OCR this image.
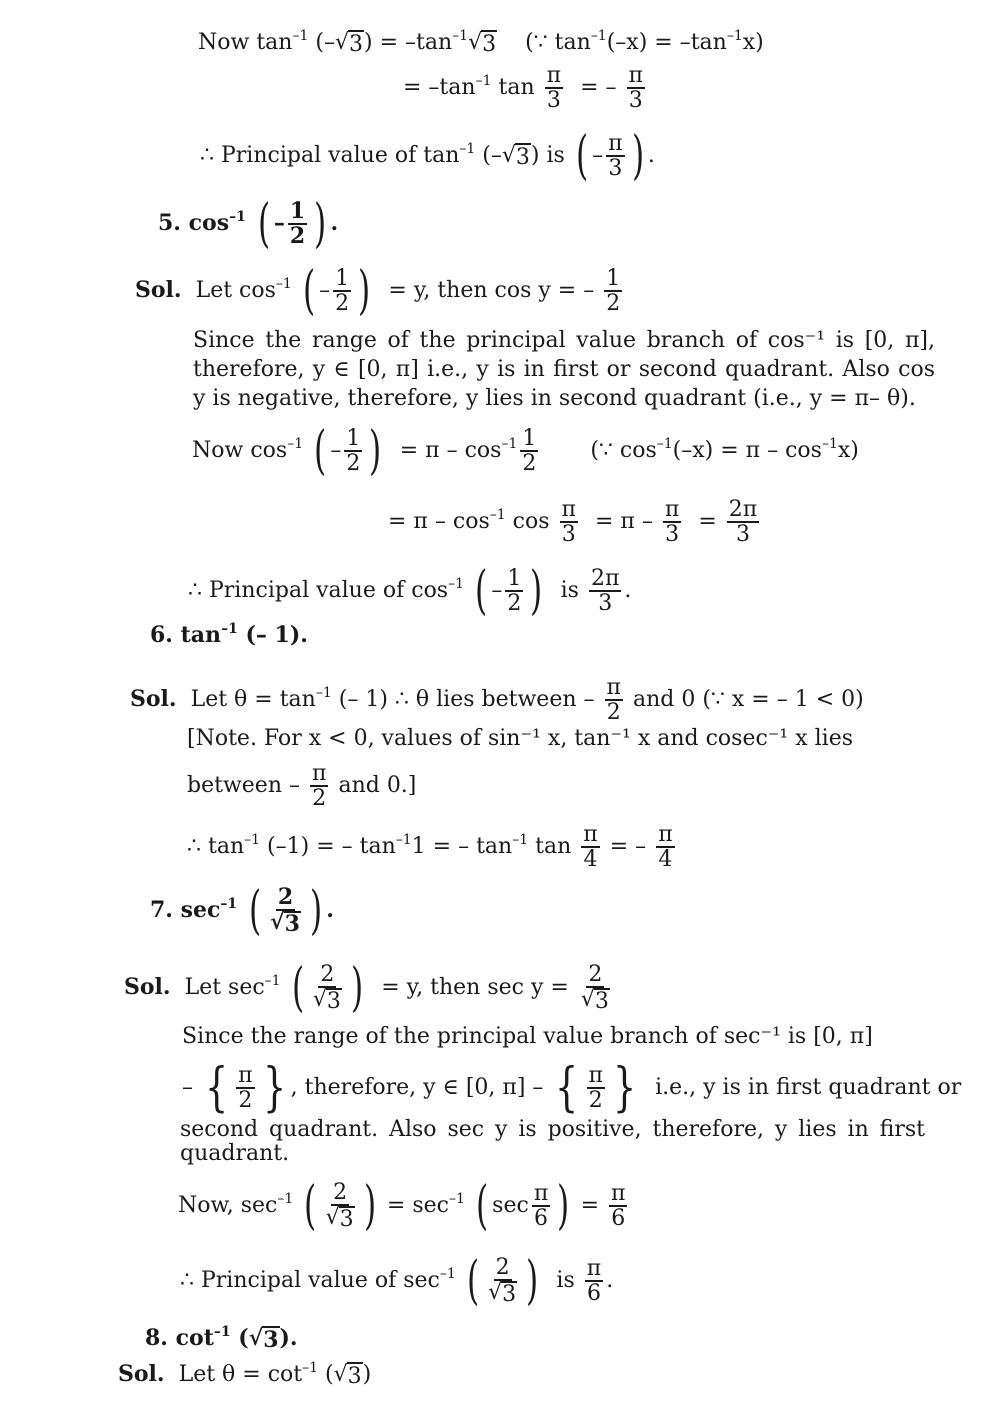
Now $\tan^{-1}$ (–√ 3 ) = $-\tan^{-1}√$ 3 (∵ $\tan^{-1}(-x) = -\tan^{-1}x$)
= $-\tan^{-1}$ $\tan \frac{\pi}{3}$ = – $\frac{\pi}{3}$
∴ Principal value of $\tan^{-1}$ (–√ 3 ) is ( – $\frac{\pi}{3}$ ) .
5. $\cos^{-1}$ ( – $\frac{1}{2}$ ) .
Sol. Let $\cos^{-1}$ ( – $\frac{1}{2}$ ) = y, then cos y = – $\frac{1}{2}$
Since the range of the principal value branch of cos⁻¹ is [0, π], therefore, y ∈ [0, π] i.e., y is in first or second quadrant. Also cos y is negative, therefore, y lies in second quadrant (i.e., y = π– θ).
Now $\cos^{-1}$ ( – $\frac{1}{2}$ ) = π – $\cos^{-1} \frac{1}{2}$ (∵ $\cos^{-1}(-x) = \pi - \cos^{-1}x$)
= $\pi - \cos^{-1} \cos \frac{\pi}{3} = \pi - \frac{\pi}{3} = \frac{2\pi}{3}$
∴ Principal value of $\cos^{-1}$ ( – $\frac{1}{2}$ ) is $\frac{2\pi}{3}$ .
6. $\tan^{-1}$ (– 1).
Sol. Let $\theta = \tan^{-1}$ (– 1) ∴ θ lies between – $\frac{\pi}{2}$ and 0 (∵ x = – 1 < 0)
[Note. For x < 0, values of sin⁻¹ x, tan⁻¹ x and cosec⁻¹ x lies
between – $\frac{\pi}{2}$ and 0.]
∴ $\tan^{-1} (-1)$ = – $\tan^{-1}1$ = – $\tan^{-1} \tan \frac{\pi}{4}$ = – $\frac{\pi}{4}$
7. $\sec^{-1}$ ( $\frac{2}{√ 3}$ ) .
Sol. Let $\sec^{-1}$ ( $\frac{2}{√ 3}$ ) = y, then $\sec y = \frac{2}{√ 3}$
Since the range of the principal value branch of sec⁻¹ is [0, π]
– { $\frac{\pi}{2}$ } , therefore, y ∈ [0, π] – { $\frac{\pi}{2}$ } i.e., y is in first quadrant or
second quadrant. Also sec y is positive, therefore, y lies in first quadrant.
Now, $\sec^{-1}$ ( $\frac{2}{√ 3}$ ) = $\sec^{-1}$ ( $\sec \frac{\pi}{6}$ ) = $\frac{\pi}{6}$
∴ Principal value of $\sec^{-1}$ ( $\frac{2}{√ 3}$ ) is $\frac{\pi}{6}$ .
8. $\cot^{-1}$ (√ 3 ).
Sol. Let $\theta = \cot^{-1}$ (√ 3 )
